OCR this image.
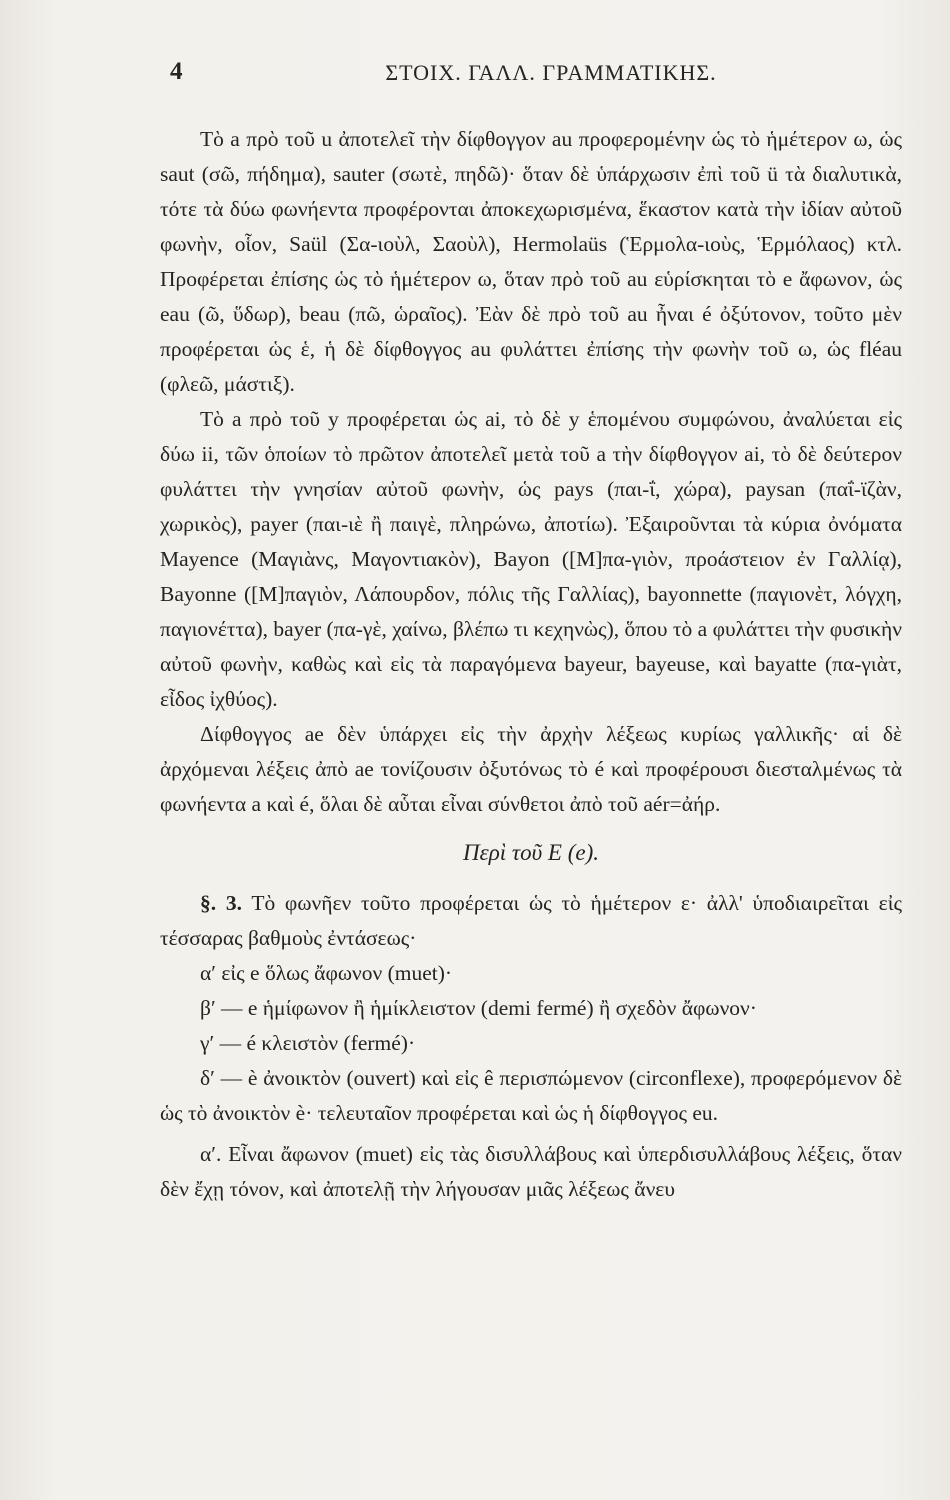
4	ΣΤΟΙΧ. ΓΑΛΛ. ΓΡΑΜΜΑΤΙΚΗΣ.

Τὸ a πρὸ τοῦ u ἀποτελεῖ τὴν δίφθογγον au προφερομένην ὡς τὸ ἡμέτερον ω, ὡς saut (σῶ, πήδημα), sauter (σωτὲ, πηδῶ)· ὅταν δὲ ὑπάρχωσιν ἐπὶ τοῦ ü τὰ διαλυτικὰ, τότε τὰ δύω φωνήεντα προφέρονται ἀποκεχωρισμένα, ἕκαστον κατὰ τὴν ἰδίαν αὐτοῦ φωνὴν, οἷον, Saül (Σα-ιοὺλ, Σαοὺλ), Hermolaüs (Ἑρμολα-ιοὺς, Ἑρμόλαος) κτλ. Προφέρεται ἐπίσης ὡς τὸ ἡμέτερον ω, ὅταν πρὸ τοῦ au εὑρίσκηται τὸ e ἄφωνον, ὡς eau (ῶ, ὕδωρ), beau (πῶ, ὡραῖος). Ἐὰν δὲ πρὸ τοῦ au ἦναι é ὀξύτονον, τοῦτο μὲν προφέρεται ὡς ἑ, ἡ δὲ δίφθογγος au φυλάττει ἐπίσης τὴν φωνὴν τοῦ ω, ὡς fléau (φλεῶ, μάστιξ).

Τὸ a πρὸ τοῦ y προφέρεται ὡς ai, τὸ δὲ y ἑπομένου συμφώνου, ἀναλύεται εἰς δύω ii, τῶν ὁποίων τὸ πρῶτον ἀποτελεῖ μετὰ τοῦ a τὴν δίφθογγον ai, τὸ δὲ δεύτερον φυλάττει τὴν γνησίαν αὐτοῦ φωνὴν, ὡς pays (παι-ΐ, χώρα), paysan (παΐ-ϊζὰν, χωρικὸς), payer (παι-ιὲ ἢ παιγὲ, πληρώνω, ἀποτίω). Ἐξαιροῦνται τὰ κύρια ὀνόματα Mayence (Μαγιὰνς, Μαγοντιακὸν), Bayon ([Μ]πα-γιὸν, προάστειον ἐν Γαλλίᾳ), Bayonne ([Μ]παγιὸν, Λάπουρδον, πόλις τῆς Γαλλίας), bayonnette (παγιονὲτ, λόγχη, παγιονέττα), bayer (πα-γὲ, χαίνω, βλέπω τι κεχηνὼς), ὅπου τὸ a φυλάττει τὴν φυσικὴν αὐτοῦ φωνὴν, καθὼς καὶ εἰς τὰ παραγόμενα bayeur, bayeuse, καὶ bayatte (πα-γιὰτ, εἶδος ἰχθύος).

Δίφθογγος ae δὲν ὑπάρχει εἰς τὴν ἀρχὴν λέξεως κυρίως γαλλικῆς· αἱ δὲ ἀρχόμεναι λέξεις ἀπὸ ae τονίζουσιν ὀξυτόνως τὸ é καὶ προφέρουσι διεσταλμένως τὰ φωνήεντα a καὶ é, ὅλαι δὲ αὗται εἶναι σύνθετοι ἀπὸ τοῦ aér=ἀήρ.

Περὶ τοῦ Ε (e).

§. 3. Τὸ φωνῆεν τοῦτο προφέρεται ὡς τὸ ἡμέτερον ε· ἀλλ' ὑποδιαιρεῖται εἰς τέσσαρας βαθμοὺς ἐντάσεως·

α′ εἰς e ὅλως ἄφωνον (muet)·
β′ — e ἡμίφωνον ἢ ἡμίκλειστον (demi fermé) ἢ σχεδὸν ἄφωνον·
γ′ — é κλειστὸν (fermé)·
δ′ — è ἀνοικτὸν (ouvert) καὶ εἰς ê περισπώμενον (circonflexe), προφερόμενον δὲ ὡς τὸ ἀνοικτὸν è· τελευταῖον προφέρεται καὶ ὡς ἡ δίφθογγος eu.

α′. Εἶναι ἄφωνον (muet) εἰς τὰς δισυλλάβους καὶ ὑπερδισυλλάβους λέξεις, ὅταν δὲν ἔχῃ τόνον, καὶ ἀποτελῇ τὴν λήγουσαν μιᾶς λέξεως ἄνευ
